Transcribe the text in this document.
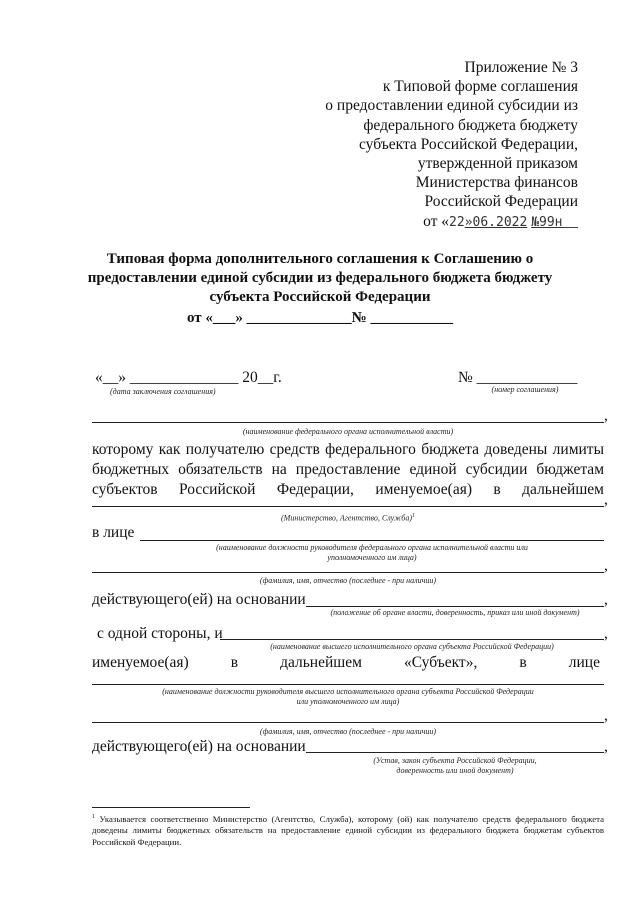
Приложение № 3

к Типовой форме соглашения

о предоставлении единой субсидии из

федерального бюджета бюджету

субъекта Российской Федерации,

утвержденной приказом

Министерства финансов

Российской Федерации

от «22»06.2022 №99н__

Типовая форма дополнительного соглашения к Соглашению о
предоставлении единой субсидии из федерального бюджета бюджету
субъекта Российской Федерации
от «___» ______________№ ___________
«__» ______________ 20__г.
(дата заключения соглашения)
№ _____________
(номер соглашения)
,
(наименование федерального органа исполнительной власти)
которому как получателю средств федерального бюджета доведены лимиты
бюджетных обязательств на предоставление единой субсидии бюджетам
субъектов Российской Федерации, именуемое(ая) в дальнейшем
,
(Министерство, Агентство, Служба)$^1$
в лице
(наименование должности руководителя федерального органа исполнительной власти или
уполномоченного им лица)	,
(фамилия, имя, отчество (последнее - при наличии)
действующего(ей) на основании	,
(положение об органе власти, доверенность, приказ или иной документ)
с одной стороны, и	,
(наименование высшего исполнительного органа субъекта Российской Федерации)
именуемое(ая)	в	дальнейшем	«Субъект»,	в	лице
(наименование должности руководителя высшего исполнительного органа субъекта Российской Федерации
или уполномоченного им лица)
,
(фамилия, имя, отчество (последнее - при наличии)
действующего(ей) на основании	,
(Устав, закон субъекта Российской Федерации,
доверенность или иной документ)
$^1$ Указывается соответственно Министерство (Агентство, Служба), которому (ой) как получателю средств федерального бюджета доведены лимиты бюджетных обязательств на предоставление единой субсидии из федерального бюджета бюджетам субъектов Российской Федерации.
